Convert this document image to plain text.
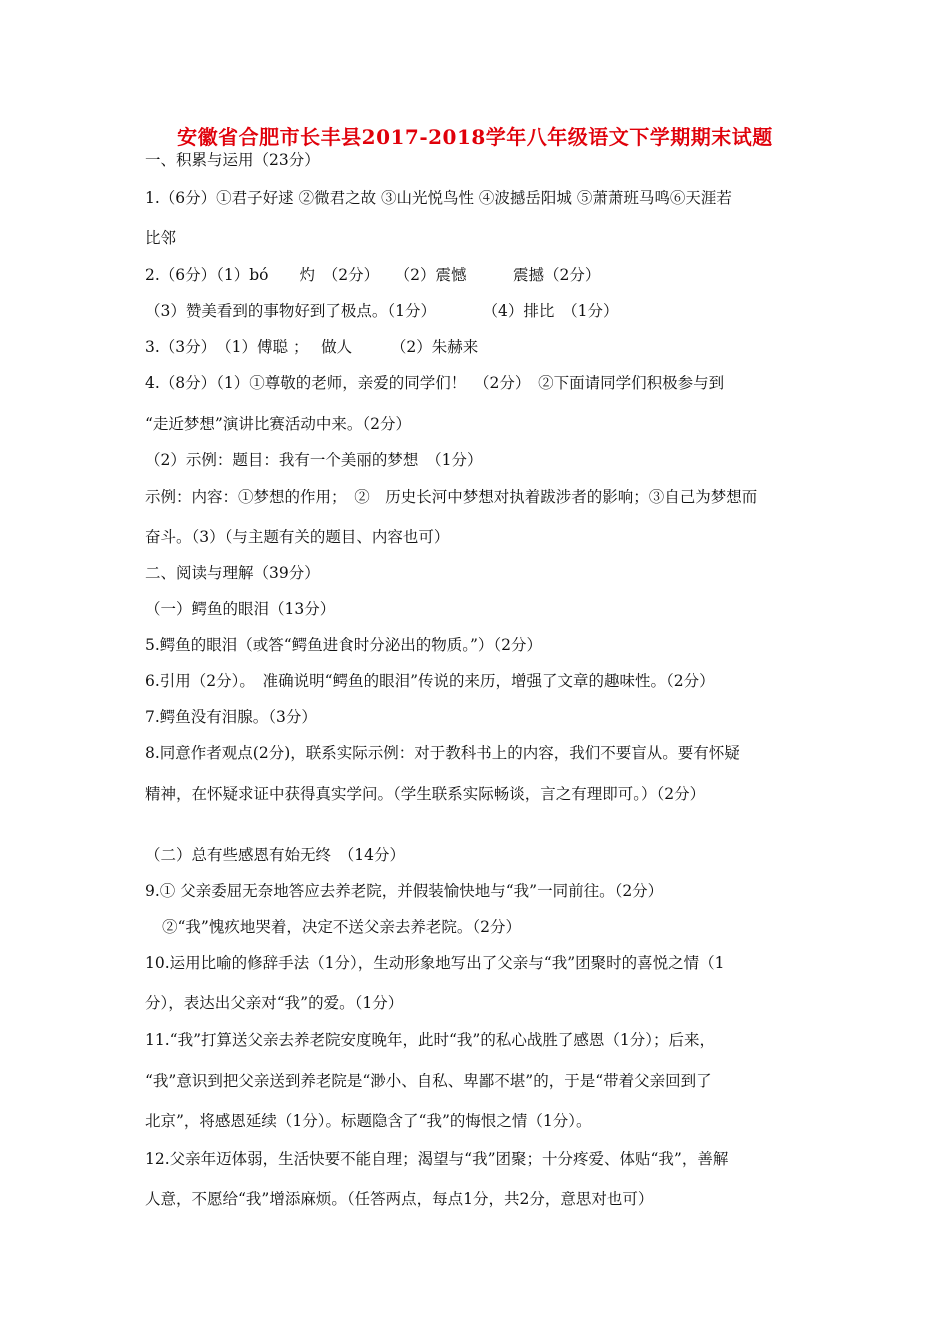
安徽省合肥市长丰县2017-2018学年八年级语文下学期期末试题
一、积累与运用（23分）
1.（6分）①君子好逑 ②微君之故 ③山光悦鸟性 ④波撼岳阳城 ⑤萧萧班马鸣⑥天涯若
比邻
2.（6分）（1）bó　　灼　（2分）　　（2）震憾　　　震撼（2分）
（3）赞美看到的事物好到了极点。（1分）　　　　（4）排比　（1分）
3.（3分）　（1）傅聪 ；　 做人　　　（2）朱赫来
4.（8分）（1）①尊敬的老师，亲爱的同学们！　（2分）　②下面请同学们积极参与到
“走近梦想”演讲比赛活动中来。（2分）
（2）示例：题目：我有一个美丽的梦想　（1分）
示例：内容：①梦想的作用；　②　历史长河中梦想对执着跋涉者的影响；③自己为梦想而
奋斗。（3）（与主题有关的题目、内容也可）
二、阅读与理解（39分）
（一）鳄鱼的眼泪（13分）
5.鳄鱼的眼泪（或答“鳄鱼进食时分泌出的物质。”）（2分）
6.引用（2分）。　准确说明“鳄鱼的眼泪”传说的来历，增强了文章的趣味性。（2分）
7.鳄鱼没有泪腺。（3分）
8.同意作者观点(2分)，联系实际示例：对于教科书上的内容，我们不要盲从。要有怀疑
精神，在怀疑求证中获得真实学问。（学生联系实际畅谈，言之有理即可。）（2分）
（二）总有些感恩有始无终　（14分）
9.① 父亲委屈无奈地答应去养老院，并假装愉快地与“我”一同前往。（2分）
②“我”愧疚地哭着，决定不送父亲去养老院。（2分）
10.运用比喻的修辞手法（1分），生动形象地写出了父亲与“我”团聚时的喜悦之情（1
分），表达出父亲对“我”的爱。（1分）
11.“我”打算送父亲去养老院安度晚年，此时“我”的私心战胜了感恩（1分）；后来，
“我”意识到把父亲送到养老院是“渺小、自私、卑鄙不堪”的，于是“带着父亲回到了
北京”，将感恩延续（1分）。标题隐含了“我”的悔恨之情（1分）。
12.父亲年迈体弱，生活快要不能自理；渴望与“我”团聚；十分疼爱、体贴“我”，善解
人意，不愿给“我”增添麻烦。（任答两点，每点1分，共2分，意思对也可）
